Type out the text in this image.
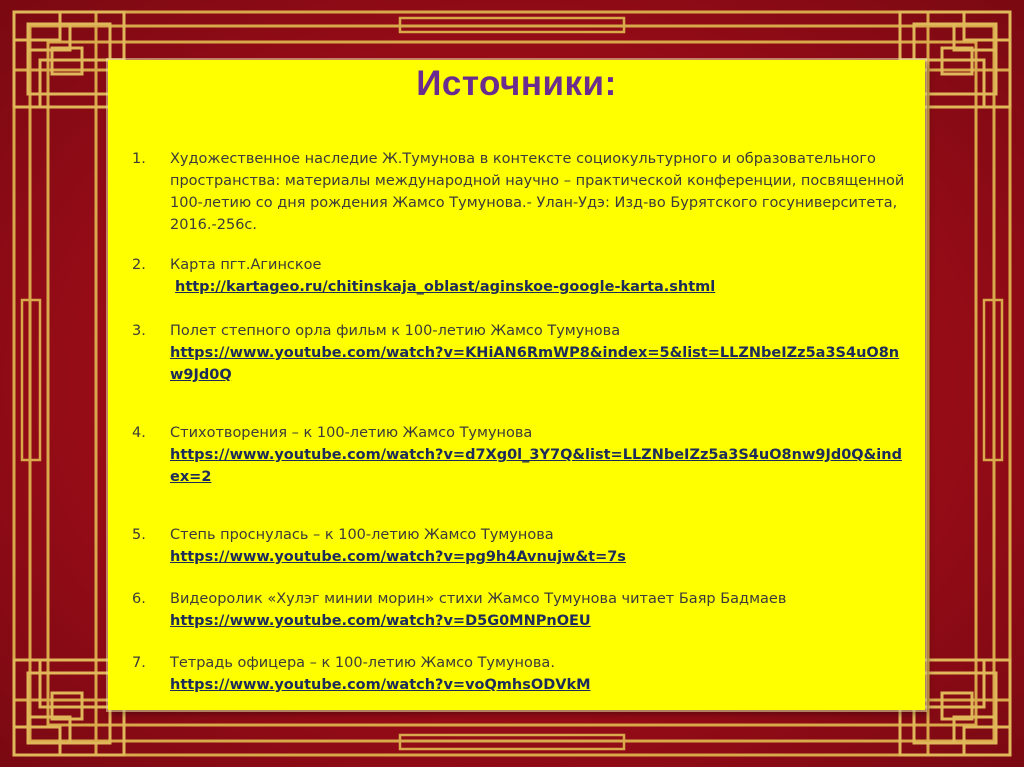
Источники:
1.	Художественное наследие Ж.Тумунова в контексте социокультурного и образовательного пространства: материалы международной научно – практической конференции, посвященной 100-летию со дня рождения Жамсо Тумунова.- Улан-Удэ: Изд-во Бурятского госуниверситета, 2016.-256с.
2.	Карта пгт.Агинское
http://kartageo.ru/chitinskaja_oblast/aginskoe-google-karta.shtml
3.	Полет степного орла фильм к 100-летию Жамсо Тумунова
https://www.youtube.com/watch?v=KHiAN6RmWP8&index=5&list=LLZNbeIZz5a3S4uO8nw9Jd0Q
4.	Стихотворения – к 100-летию Жамсо Тумунова
https://www.youtube.com/watch?v=d7Xg0l_3Y7Q&list=LLZNbeIZz5a3S4uO8nw9Jd0Q&index=2
5.	Степь проснулась – к 100-летию Жамсо Тумунова
https://www.youtube.com/watch?v=pg9h4Avnujw&t=7s
6.	Видеоролик «Хулэг минии морин» стихи Жамсо Тумунова читает Баяр Бадмаев
https://www.youtube.com/watch?v=D5G0MNPnOEU
7.	Тетрадь офицера – к 100-летию Жамсо Тумунова.
https://www.youtube.com/watch?v=voQmhsODVkM
